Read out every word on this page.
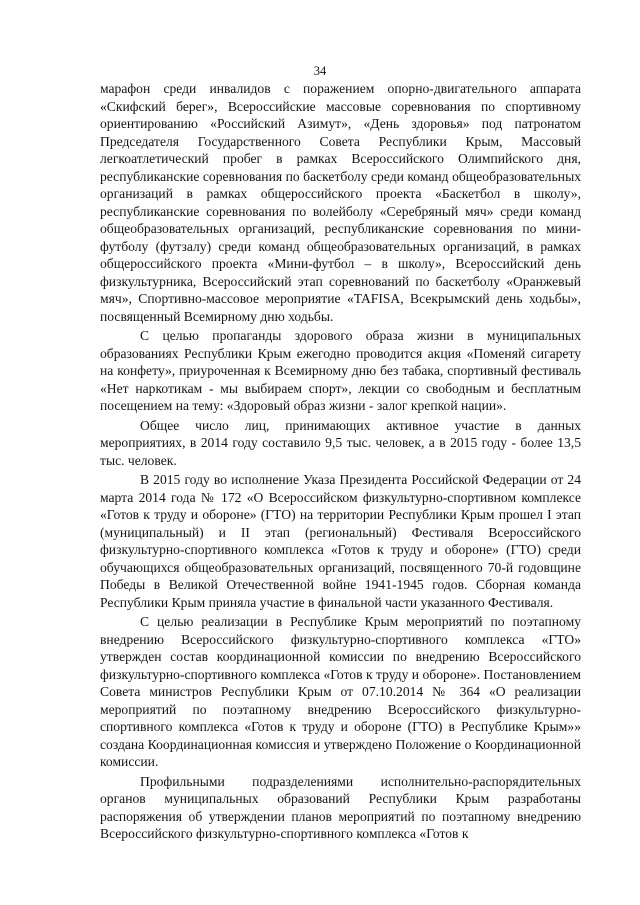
34

марафон среди инвалидов с поражением опорно-двигательного аппарата «Скифский берег», Всероссийские массовые соревнования по спортивному ориентированию «Российский Азимут», «День здоровья» под патронатом Председателя Государственного Совета Республики Крым, Массовый легкоатлетический пробег в рамках Всероссийского Олимпийского дня, республиканские соревнования по баскетболу среди команд общеобразовательных организаций в рамках общероссийского проекта «Баскетбол в школу», республиканские соревнования по волейболу «Серебряный мяч» среди команд общеобразовательных организаций, республиканские соревнования по мини-футболу (футзалу) среди команд общеобразовательных организаций, в рамках общероссийского проекта «Мини-футбол – в школу», Всероссийский день физкультурника, Всероссийский этап соревнований по баскетболу «Оранжевый мяч», Спортивно-массовое мероприятие «TAFISA, Всекрымский день ходьбы», посвященный Всемирному дню ходьбы.

С целью пропаганды здорового образа жизни в муниципальных образованиях Республики Крым ежегодно проводится акция «Поменяй сигарету на конфету», приуроченная к Всемирному дню без табака, спортивный фестиваль «Нет наркотикам - мы выбираем спорт», лекции со свободным и бесплатным посещением на тему: «Здоровый образ жизни - залог крепкой нации».

Общее число лиц, принимающих активное участие в данных мероприятиях, в 2014 году составило 9,5 тыс. человек, а в 2015 году - более 13,5 тыс. человек.

В 2015 году во исполнение Указа Президента Российской Федерации от 24 марта 2014 года № 172 «О Всероссийском физкультурно-спортивном комплексе «Готов к труду и обороне» (ГТО) на территории Республики Крым прошел I этап (муниципальный) и II этап (региональный) Фестиваля Всероссийского физкультурно-спортивного комплекса «Готов к труду и обороне» (ГТО) среди обучающихся общеобразовательных организаций, посвященного 70-й годовщине Победы в Великой Отечественной войне 1941-1945 годов. Сборная команда Республики Крым приняла участие в финальной части указанного Фестиваля.

С целью реализации в Республике Крым мероприятий по поэтапному внедрению Всероссийского физкультурно-спортивного комплекса «ГТО» утвержден состав координационной комиссии по внедрению Всероссийского физкультурно-спортивного комплекса «Готов к труду и обороне». Постановлением Совета министров Республики Крым от 07.10.2014 № 364 «О реализации мероприятий по поэтапному внедрению Всероссийского физкультурно-спортивного комплекса «Готов к труду и обороне (ГТО) в Республике Крым»» создана Координационная комиссия и утверждено Положение о Координационной комиссии.

Профильными подразделениями исполнительно-распорядительных органов муниципальных образований Республики Крым разработаны распоряжения об утверждении планов мероприятий по поэтапному внедрению Всероссийского физкультурно-спортивного комплекса «Готов к
